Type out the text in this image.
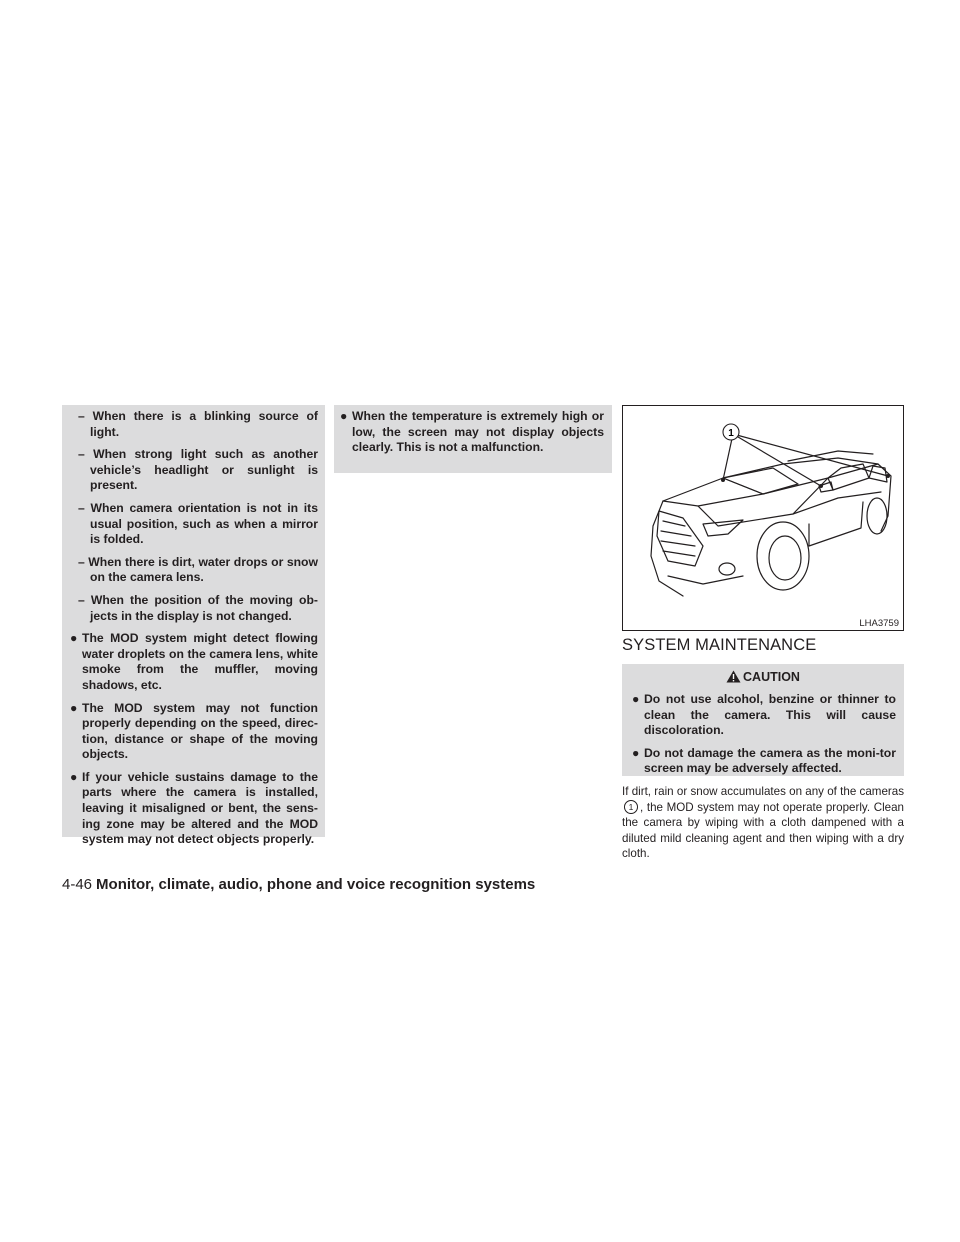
– When there is a blinking source of light.

– When strong light such as another vehicle’s headlight or sunlight is present.

– When camera orientation is not in its usual position, such as when a mirror is folded.

– When there is dirt, water drops or snow on the camera lens.

– When the position of the moving ob-jects in the display is not changed.

● The MOD system might detect flowing water droplets on the camera lens, white smoke from the muffler, moving shadows, etc.

● The MOD system may not function properly depending on the speed, direc-tion, distance or shape of the moving objects.

● If your vehicle sustains damage to the parts where the camera is installed, leaving it misaligned or bent, the sens-ing zone may be altered and the MOD system may not detect objects properly.

● When the temperature is extremely high or low, the screen may not display objects clearly. This is not a malfunction.

1
LHA3759
SYSTEM MAINTENANCE
CAUTION

● Do not use alcohol, benzine or thinner to clean the camera. This will cause discoloration.

● Do not damage the camera as the moni-tor screen may be adversely affected.

If dirt, rain or snow accumulates on any of the cameras1 , the MOD system may not operate properly. Clean the camera by wiping with a cloth dampened with a diluted mild cleaning agent and then wiping with a dry cloth.
4-46 Monitor, climate, audio, phone and voice recognition systems
